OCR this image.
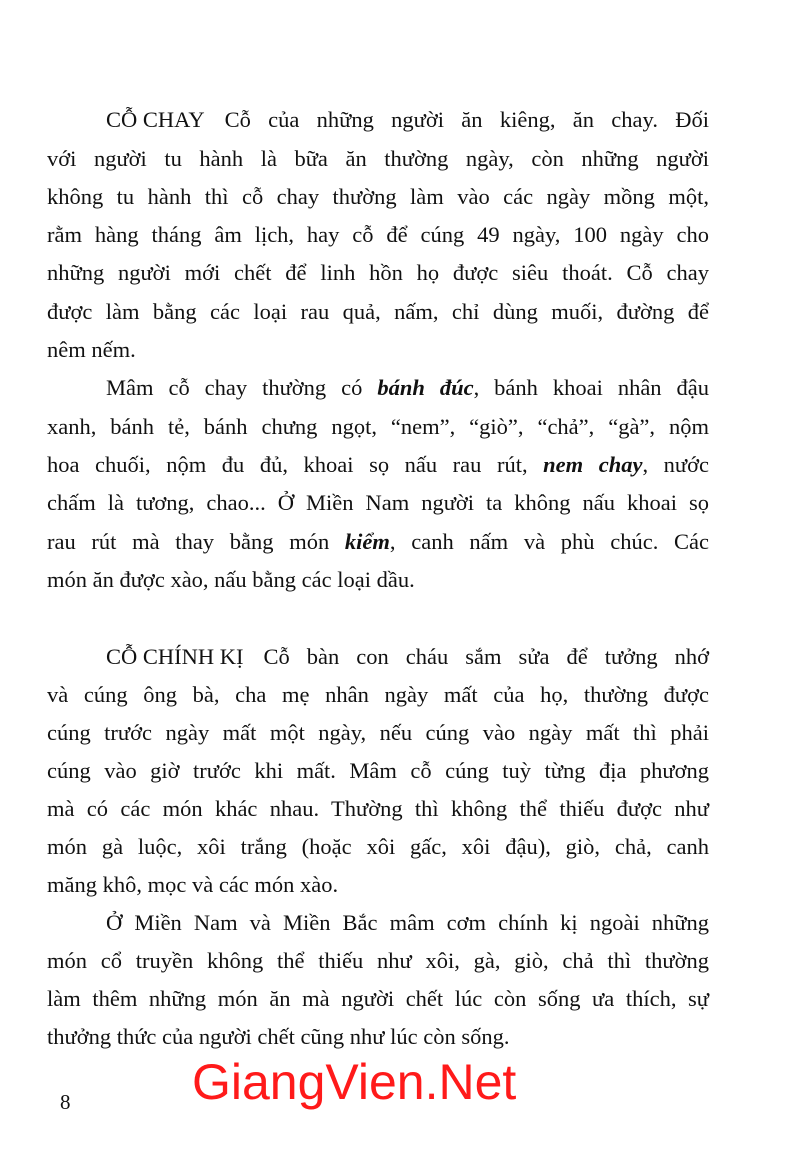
CỖ CHAY Cỗ của những người ăn kiêng, ăn chay. Đối
với người tu hành là bữa ăn thường ngày, còn những người
không tu hành thì cỗ chay thường làm vào các ngày mồng một,
rằm hàng tháng âm lịch, hay cỗ để cúng 49 ngày, 100 ngày cho
những người mới chết để linh hồn họ được siêu thoát. Cỗ chay
được làm bằng các loại rau quả, nấm, chỉ dùng muối, đường để
nêm nếm.
Mâm cỗ chay thường có bánh đúc, bánh khoai nhân đậu
xanh, bánh tẻ, bánh chưng ngọt, “nem”, “giò”, “chả”, “gà”, nộm
hoa chuối, nộm đu đủ, khoai sọ nấu rau rút, nem chay, nước
chấm là tương, chao... Ở Miền Nam người ta không nấu khoai sọ
rau rút mà thay bằng món kiểm, canh nấm và phù chúc. Các
món ăn được xào, nấu bằng các loại dầu.
CỖ CHÍNH KỊ Cỗ bàn con cháu sắm sửa để tưởng nhớ
và cúng ông bà, cha mẹ nhân ngày mất của họ, thường được
cúng trước ngày mất một ngày, nếu cúng vào ngày mất thì phải
cúng vào giờ trước khi mất. Mâm cỗ cúng tuỳ từng địa phương
mà có các món khác nhau. Thường thì không thể thiếu được như
món gà luộc, xôi trắng (hoặc xôi gấc, xôi đậu), giò, chả, canh
măng khô, mọc và các món xào.
Ở Miền Nam và Miền Bắc mâm cơm chính kị ngoài những
món cổ truyền không thể thiếu như xôi, gà, giò, chả thì thường
làm thêm những món ăn mà người chết lúc còn sống ưa thích, sự
thưởng thức của người chết cũng như lúc còn sống.
8 GiangVien.Net
